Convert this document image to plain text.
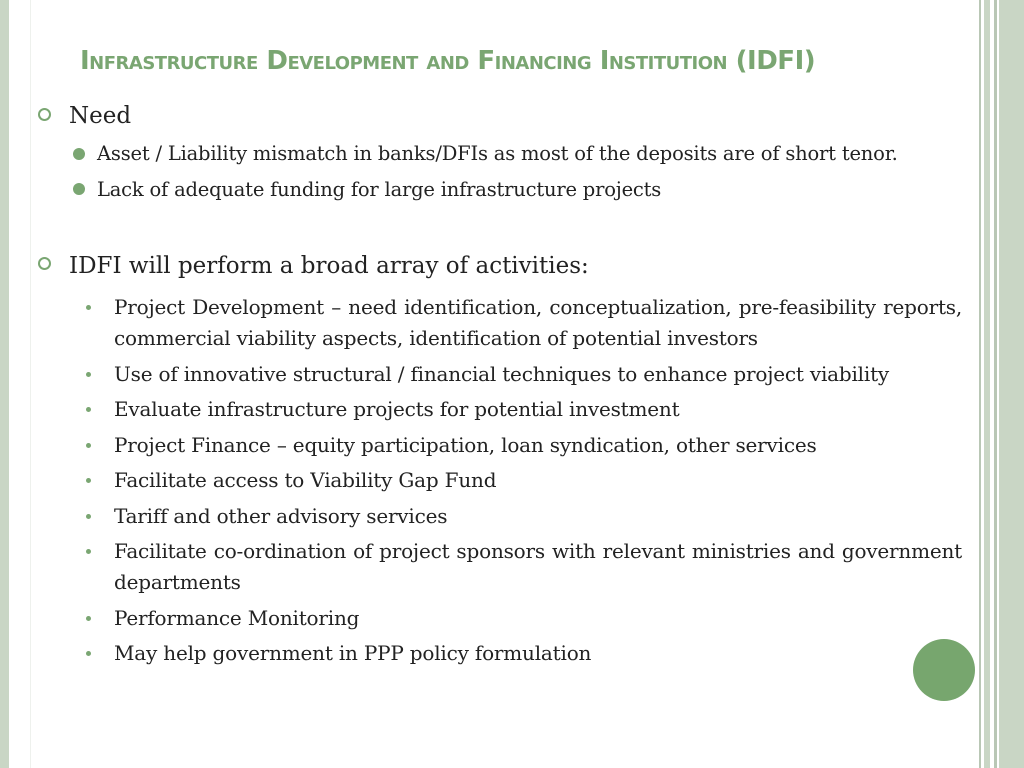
Infrastructure Development and Financing Institution (IDFI)
Need
Asset / Liability mismatch in banks/DFIs as most of the deposits are of short tenor.
Lack of adequate funding for large infrastructure projects
IDFI will perform a broad array of activities:
Project Development – need identification, conceptualization, pre-feasibility reports, commercial viability aspects, identification of potential investors
Use of innovative structural / financial techniques to enhance project viability
Evaluate infrastructure projects for potential investment
Project Finance – equity participation, loan syndication, other services
Facilitate access to Viability Gap Fund
Tariff and other advisory services
Facilitate co-ordination of project sponsors with relevant ministries and government departments
Performance Monitoring
May help government in PPP policy formulation
